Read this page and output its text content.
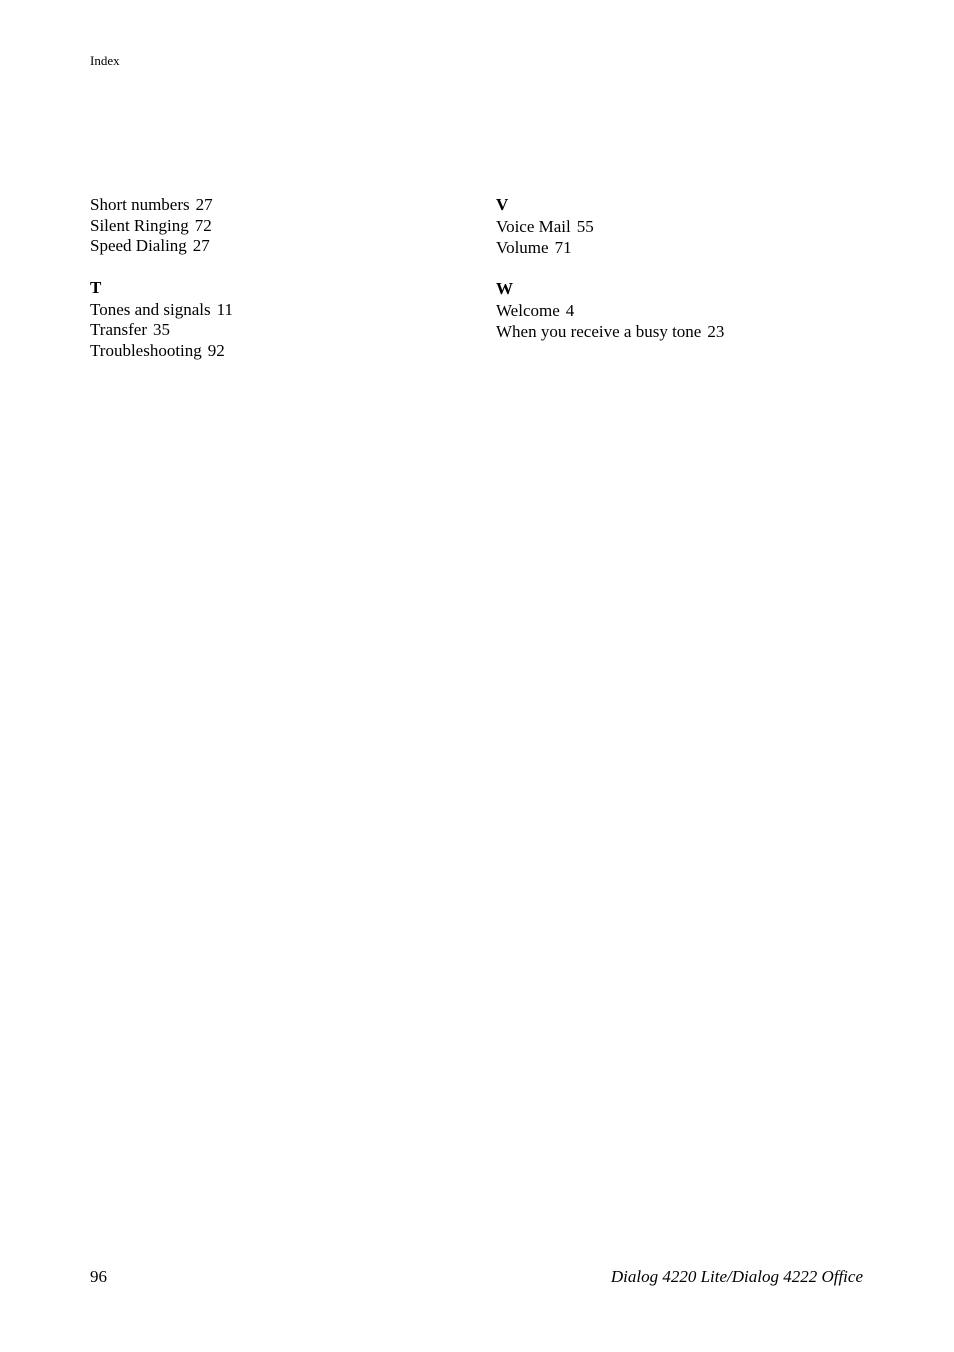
Index
Short numbers 27
Silent Ringing 72
Speed Dialing 27
T
Tones and signals 11
Transfer 35
Troubleshooting 92
V
Voice Mail 55
Volume 71
W
Welcome 4
When you receive a busy tone 23
96	Dialog 4220 Lite/Dialog 4222 Office
